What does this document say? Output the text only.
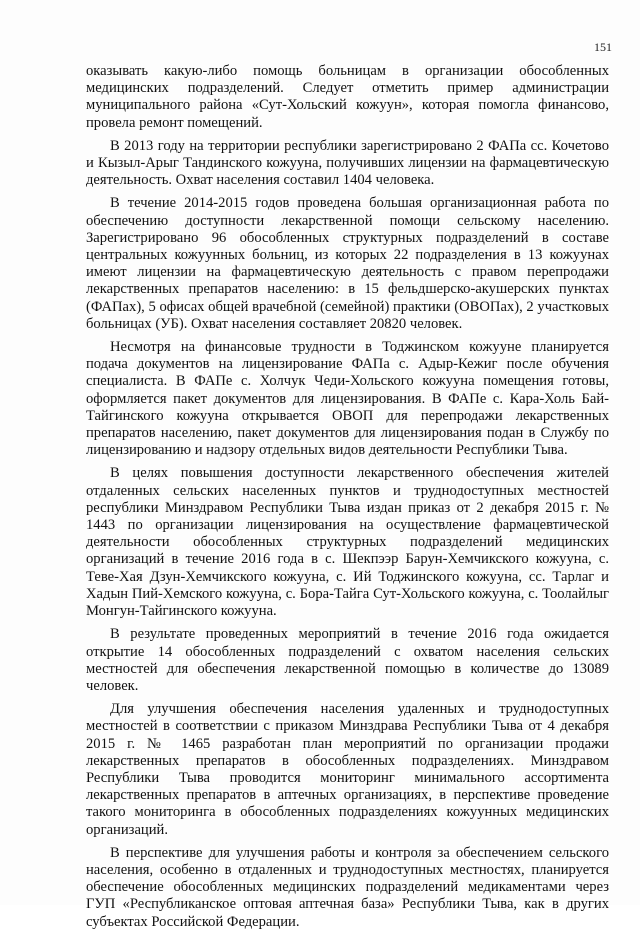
151

оказывать какую-либо помощь больницам в организации обособленных медицинских подразделений. Следует отметить пример администрации муниципального района «Сут-Хольский кожуун», которая помогла финансово, провела ремонт помещений.

В 2013 году на территории республики зарегистрировано 2 ФАПа сс. Кочетово и Кызыл-Арыг Тандинского кожууна, получивших лицензии на фармацевтическую деятельность. Охват населения составил 1404 человека.

В течение 2014-2015 годов проведена большая организационная работа по обеспечению доступности лекарственной помощи сельскому населению. Зарегистрировано 96 обособленных структурных подразделений в составе центральных кожуунных больниц, из которых 22 подразделения в 13 кожуунах имеют лицензии на фармацевтическую деятельность с правом перепродажи лекарственных препаратов населению: в 15 фельдшерско-акушерских пунктах (ФАПах), 5 офисах общей врачебной (семейной) практики (ОВОПах), 2 участковых больницах (УБ). Охват населения составляет 20820 человек.

Несмотря на финансовые трудности в Тоджинском кожууне планируется подача документов на лицензирование ФАПа с. Адыр-Кежиг после обучения специалиста. В ФАПе с. Холчук Чеди-Хольского кожууна помещения готовы, оформляется пакет документов для лицензирования. В ФАПе с. Кара-Холь Бай-Тайгинского кожууна открывается ОВОП для перепродажи лекарственных препаратов населению, пакет документов для лицензирования подан в Службу по лицензированию и надзору отдельных видов деятельности Республики Тыва.

В целях повышения доступности лекарственного обеспечения жителей отдаленных сельских населенных пунктов и труднодоступных местностей республики Минздравом Республики Тыва издан приказ от 2 декабря 2015 г. № 1443 по организации лицензирования на осуществление фармацевтической деятельности обособленных структурных подразделений медицинских организаций в течение 2016 года в с. Шекпээр Барун-Хемчикского кожууна, с. Теве-Хая Дзун-Хемчикского кожууна, с. Ий Тоджинского кожууна, сс. Тарлаг и Хадын Пий-Хемского кожууна, с. Бора-Тайга Сут-Хольского кожууна, с. Тоолайлыг Монгун-Тайгинского кожууна.

В результате проведенных мероприятий в течение 2016 года ожидается открытие 14 обособленных подразделений с охватом населения сельских местностей для обеспечения лекарственной помощью в количестве до 13089 человек.

Для улучшения обеспечения населения удаленных и труднодоступных местностей в соответствии с приказом Минздрава Республики Тыва от 4 декабря 2015 г. № 1465 разработан план мероприятий по организации продажи лекарственных препаратов в обособленных подразделениях. Минздравом Республики Тыва проводится мониторинг минимального ассортимента лекарственных препаратов в аптечных организациях, в перспективе проведение такого мониторинга в обособленных подразделениях кожуунных медицинских организаций.

В перспективе для улучшения работы и контроля за обеспечением сельского населения, особенно в отдаленных и труднодоступных местностях, планируется обеспечение обособленных медицинских подразделений медикаментами через ГУП «Республиканское оптовая аптечная база» Республики Тыва, как в других субъектах Российской Федерации.
